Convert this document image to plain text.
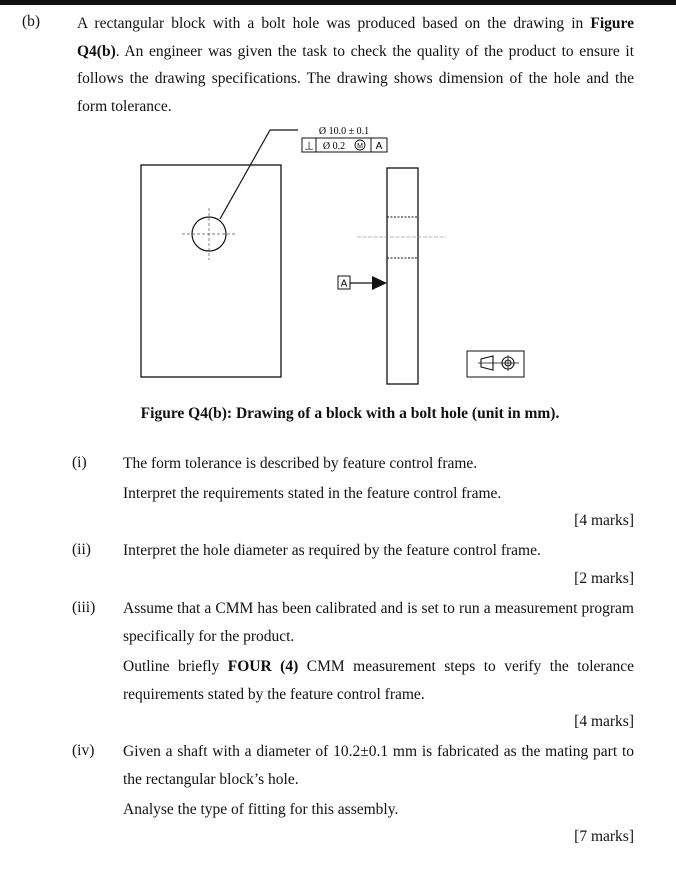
(b) A rectangular block with a bolt hole was produced based on the drawing in Figure Q4(b). An engineer was given the task to check the quality of the product to ensure it follows the drawing specifications. The drawing shows dimension of the hole and the form tolerance.

Ø 10.0 ± 0.1
⊥ Ø 0.2 M A
A
Figure Q4(b): Drawing of a block with a bolt hole (unit in mm).
(i) The form tolerance is described by feature control frame.

Interpret the requirements stated in the feature control frame.

[4 marks]
(ii) Interpret the hole diameter as required by the feature control frame.

[2 marks]
(iii) Assume that a CMM has been calibrated and is set to run a measurement program specifically for the product.

Outline briefly FOUR (4) CMM measurement steps to verify the tolerance requirements stated by the feature control frame.

[4 marks]
(iv) Given a shaft with a diameter of 10.2±0.1 mm is fabricated as the mating part to the rectangular block’s hole.

Analyse the type of fitting for this assembly.

[7 marks]
